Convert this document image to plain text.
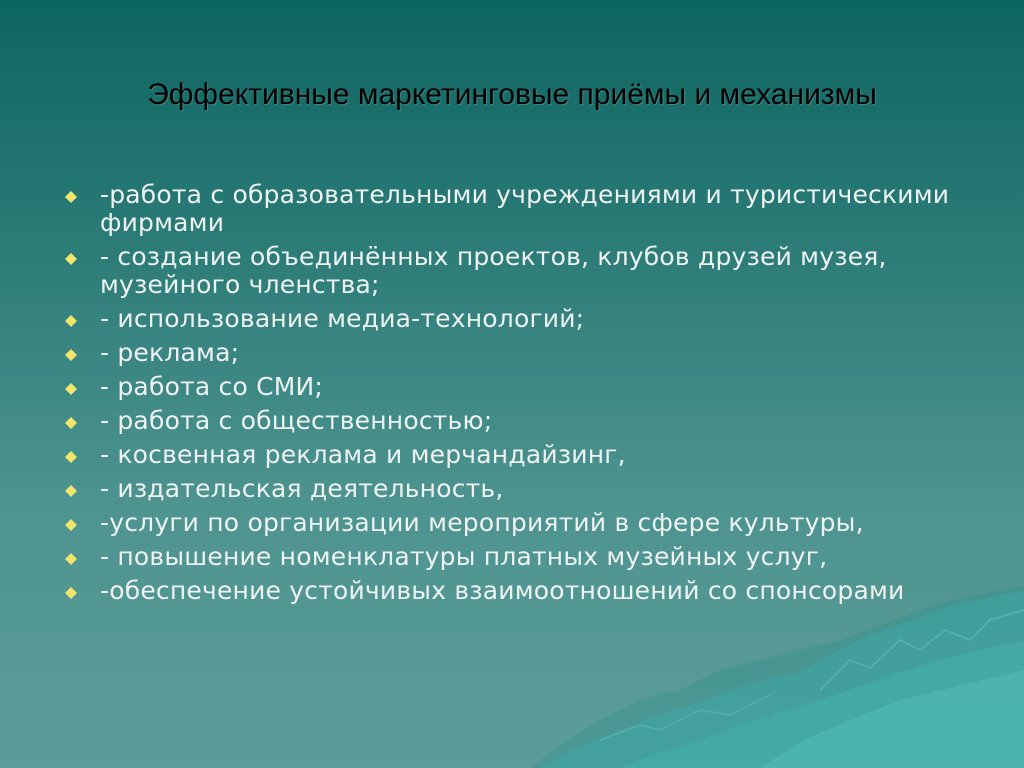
Эффективные маркетинговые приёмы и механизмы
-работа с образовательными учреждениями и туристическими фирмами
- создание объединённых проектов, клубов друзей музея, музейного членства;
- использование медиа-технологий;
- реклама;
- работа со СМИ;
- работа с общественностью;
- косвенная реклама и мерчандайзинг,
- издательская деятельность,
-услуги по организации мероприятий в сфере культуры,
- повышение номенклатуры платных музейных услуг,
-обеспечение устойчивых взаимоотношений со спонсорами
